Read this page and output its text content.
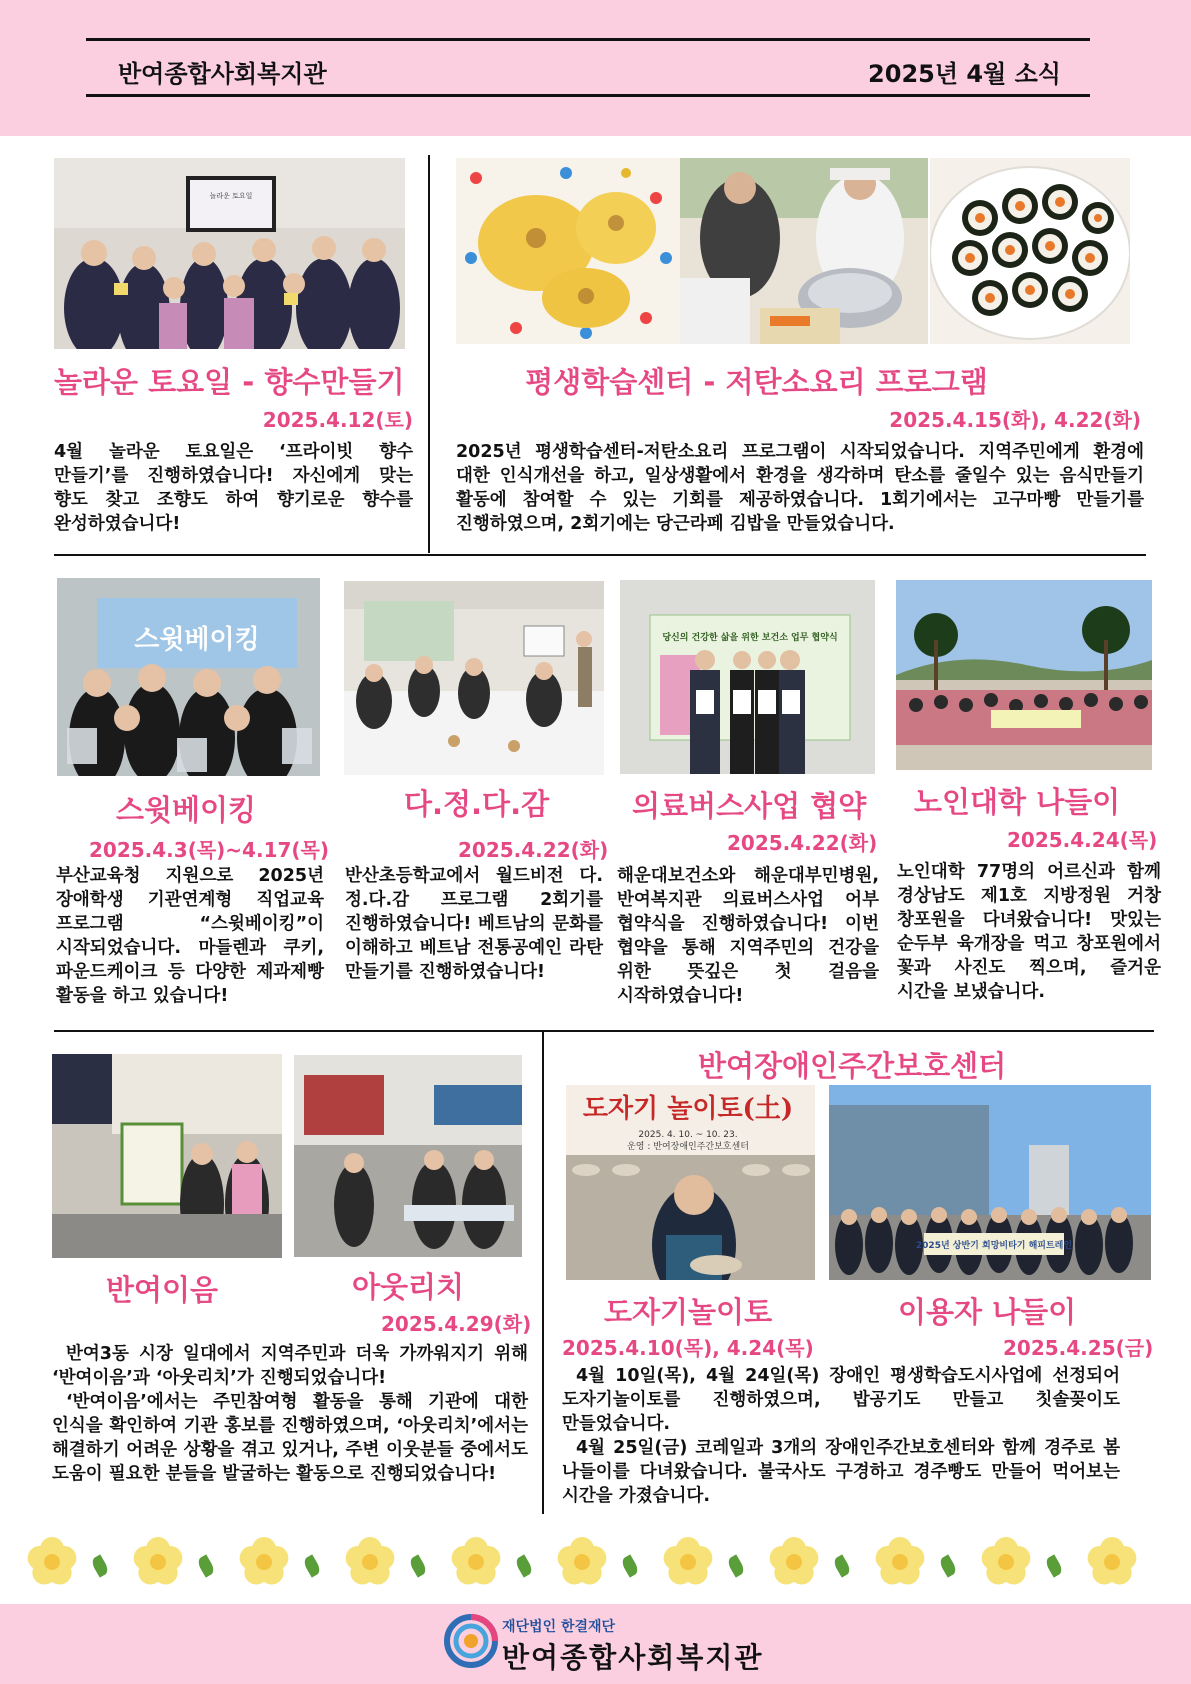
반여종합사회복지관	2025년 4월 소식
놀라운 토요일
놀라운 토요일 - 향수만들기
2025.4.12(토)
4월 놀라운 토요일은 ‘프라이빗 향수 만들기’를 진행하였습니다! 자신에게 맞는 향도 찾고 조향도 하여 향기로운 향수를 완성하였습니다!
평생학습센터 - 저탄소요리 프로그램
2025.4.15(화), 4.22(화)
2025년 평생학습센터-저탄소요리 프로그램이 시작되었습니다. 지역주민에게 환경에 대한 인식개선을 하고, 일상생활에서 환경을 생각하며 탄소를 줄일수 있는 음식만들기 활동에 참여할 수 있는 기회를 제공하였습니다. 1회기에서는 고구마빵 만들기를 진행하였으며, 2회기에는 당근라페 김밥을 만들었습니다.
스윗베이킹	당신의 건강한 삶을 위한 보건소 업무 협약식
스윗베이킹	다.정.다.감	의료버스사업 협약 노인대학 나들이
2025.4.3(목)~4.17(목)	2025.4.22(화)	2025.4.22(화)	2025.4.24(목)
부산교육청 지원으로 2025년 장애학생 기관연계형 직업교육 프로그램 “스윗베이킹”이 시작되었습니다. 마들렌과 쿠키, 파운드케이크 등 다양한 제과제빵 활동을 하고 있습니다!
반산초등학교에서 월드비전 다.정.다.감 프로그램 2회기를 진행하였습니다! 베트남의 문화를 이해하고 베트남 전통공예인 라탄 만들기를 진행하였습니다!
해운대보건소와 해운대부민병원, 반여복지관 의료버스사업 어부 협약식을 진행하였습니다! 이번 협약을 통해 지역주민의 건강을 위한 뜻깊은 첫 걸음을 시작하였습니다!
노인대학 77명의 어르신과 함께 경상남도 제1호 지방정원 거창 창포원을 다녀왔습니다! 맛있는 순두부 육개장을 먹고 창포원에서 꽃과 사진도 찍으며, 즐거운 시간을 보냈습니다.
반여이음	아웃리치
2025.4.29(화)
반여3동 시장 일대에서 지역주민과 더욱 가까워지기 위해 ‘반여이음’과 ‘아웃리치’가 진행되었습니다!
‘반여이음’에서는 주민참여형 활동을 통해 기관에 대한 인식을 확인하여 기관 홍보를 진행하였으며, ‘아웃리치’에서는 해결하기 어려운 상황을 겪고 있거나, 주변 이웃분들 중에서도 도움이 필요한 분들을 발굴하는 활동으로 진행되었습니다!
반여장애인주간보호센터
도자기 놀이토(土)
2025. 4. 10. ~ 10. 23.
운영 : 반여장애인주간보호센터
2025년 상반기 희망비타기 해피트레인
도자기놀이토	이용자 나들이
2025.4.10(목), 4.24(목)	2025.4.25(금)
4월 10일(목), 4월 24일(목) 장애인 평생학습도시사업에 선정되어 도자기놀이토를 진행하였으며, 밥공기도 만들고 칫솔꽂이도 만들었습니다.
4월 25일(금) 코레일과 3개의 장애인주간보호센터와 함께 경주로 봄 나들이를 다녀왔습니다. 불국사도 구경하고 경주빵도 만들어 먹어보는 시간을 가졌습니다.
재단법인 한결재단
반여종합사회복지관
